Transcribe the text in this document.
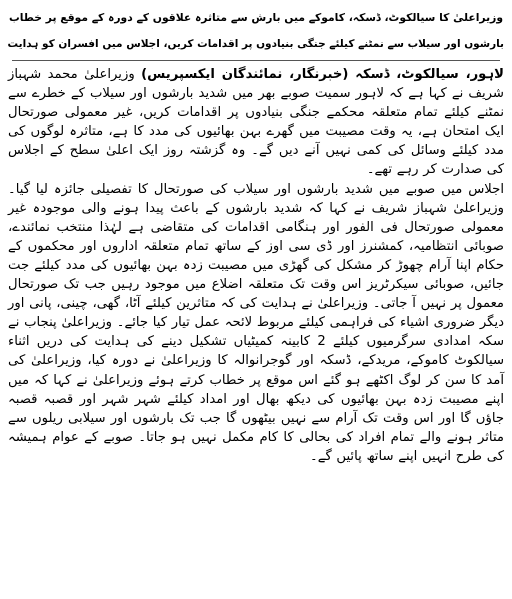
وزیراعلیٰ کا سیالکوٹ، ڈسکہ، کاموکے میں بارش سے متاثرہ علاقوں کے دورہ کے موقع پر خطاب
بارشوں اور سیلاب سے نمٹنے کیلئے جنگی بنیادوں پر اقدامات کریں، اجلاس میں افسران کو ہدایت

لاہور، سیالکوٹ، ڈسکہ (خبرنگار، نمائندگان ایکسپریس) وزیراعلیٰ محمد شہباز شریف نے کہا ہے کہ لاہور سمیت صوبے بھر میں شدید بارشوں اور سیلاب کے خطرے سے نمٹنے کیلئے تمام متعلقہ محکمے جنگی بنیادوں پر اقدامات کریں، غیر معمولی صورتحال ایک امتحان ہے، یہ وقت مصیبت میں گھرے بہن بھائیوں کی مدد کا ہے، متاثرہ لوگوں کی مدد کیلئے وسائل کی کمی نہیں آنے دیں گے۔ وہ گزشتہ روز ایک اعلیٰ سطح کے اجلاس کی صدارت کر رہے تھے۔

اجلاس میں صوبے میں شدید بارشوں اور سیلاب کی صورتحال کا تفصیلی جائزہ لیا گیا۔ وزیراعلیٰ شہباز شریف نے کہا کہ شدید بارشوں کے باعث پیدا ہونے والی موجودہ غیر معمولی صورتحال فی الفور اور ہنگامی اقدامات کی متقاضی ہے لہٰذا منتخب نمائندے، صوبائی انتظامیہ، کمشنرز اور ڈی سی اوز کے ساتھ تمام متعلقہ اداروں اور محکموں کے حکام اپنا آرام چھوڑ کر مشکل کی گھڑی میں مصیبت زدہ بہن بھائیوں کی مدد کیلئے جت جائیں، صوبائی سیکرٹریز اس وقت تک متعلقہ اضلاع میں موجود رہیں جب تک صورتحال معمول پر نہیں آ جاتی۔ وزیراعلیٰ نے ہدایت کی کہ متاثرین کیلئے آٹا، گھی، چینی، پانی اور دیگر ضروری اشیاء کی فراہمی کیلئے مربوط لائحہ عمل تیار کیا جائے۔ وزیراعلیٰ پنجاب نے سکہ امدادی سرگرمیوں کیلئے 2 کابینہ کمیٹیاں تشکیل دینے کی ہدایت کی دریں اثناء سیالکوٹ کاموکے، مریدکے، ڈسکہ اور گوجرانوالہ کا وزیراعلیٰ نے دورہ کیا، وزیراعلیٰ کی آمد کا سن کر لوگ اکٹھے ہو گئے اس موقع پر خطاب کرتے ہوئے وزیراعلیٰ نے کہا کہ میں اپنے مصیبت زدہ بہن بھائیوں کی دیکھ بھال اور امداد کیلئے شہر شہر اور قصبہ قصبہ جاؤں گا اور اس وقت تک آرام سے نہیں بیٹھوں گا جب تک بارشوں اور سیلابی ریلوں سے متاثر ہونے والے تمام افراد کی بحالی کا کام مکمل نہیں ہو جاتا۔ صوبے کے عوام ہمیشہ کی طرح انہیں اپنے ساتھ پائیں گے۔
